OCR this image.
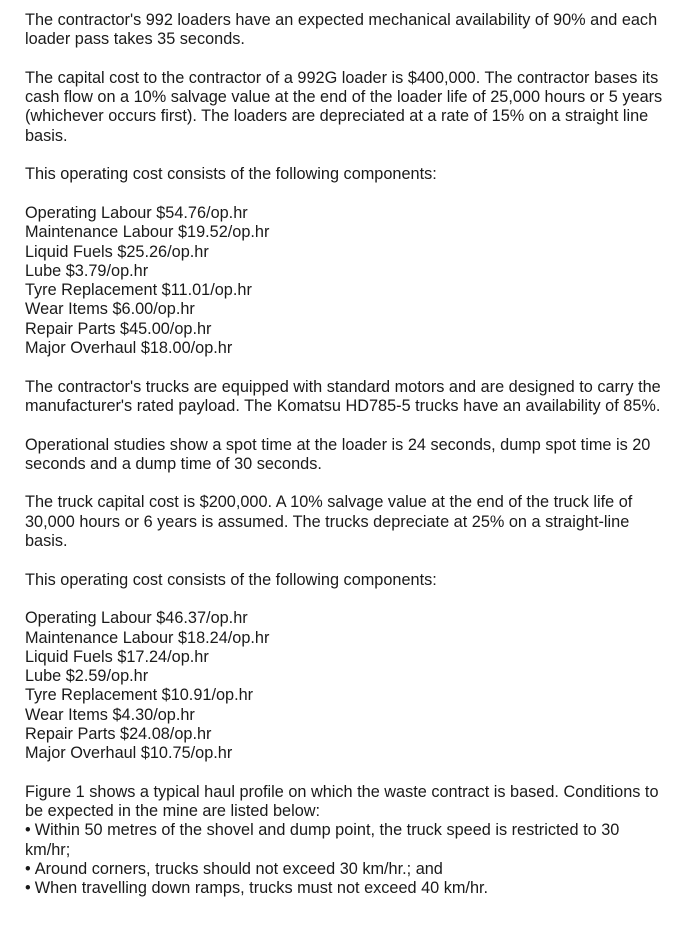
The contractor's 992 loaders have an expected mechanical availability of 90% and each loader pass takes 35 seconds.

The capital cost to the contractor of a 992G loader is $400,000. The contractor bases its cash flow on a 10% salvage value at the end of the loader life of 25,000 hours or 5 years (whichever occurs first). The loaders are depreciated at a rate of 15% on a straight line basis.

This operating cost consists of the following components:

Operating Labour $54.76/op.hr
Maintenance Labour $19.52/op.hr
Liquid Fuels $25.26/op.hr
Lube $3.79/op.hr
Tyre Replacement $11.01/op.hr
Wear Items $6.00/op.hr
Repair Parts $45.00/op.hr
Major Overhaul $18.00/op.hr

The contractor's trucks are equipped with standard motors and are designed to carry the manufacturer's rated payload. The Komatsu HD785-5 trucks have an availability of 85%.

Operational studies show a spot time at the loader is 24 seconds, dump spot time is 20 seconds and a dump time of 30 seconds.

The truck capital cost is $200,000. A 10% salvage value at the end of the truck life of 30,000 hours or 6 years is assumed. The trucks depreciate at 25% on a straight-line basis.

This operating cost consists of the following components:

Operating Labour $46.37/op.hr
Maintenance Labour $18.24/op.hr
Liquid Fuels $17.24/op.hr
Lube $2.59/op.hr
Tyre Replacement $10.91/op.hr
Wear Items $4.30/op.hr
Repair Parts $24.08/op.hr
Major Overhaul $10.75/op.hr
Figure 1 shows a typical haul profile on which the waste contract is based. Conditions to be expected in the mine are listed below:
• Within 50 metres of the shovel and dump point, the truck speed is restricted to 30 km/hr;
• Around corners, trucks should not exceed 30 km/hr.; and
• When travelling down ramps, trucks must not exceed 40 km/hr.
